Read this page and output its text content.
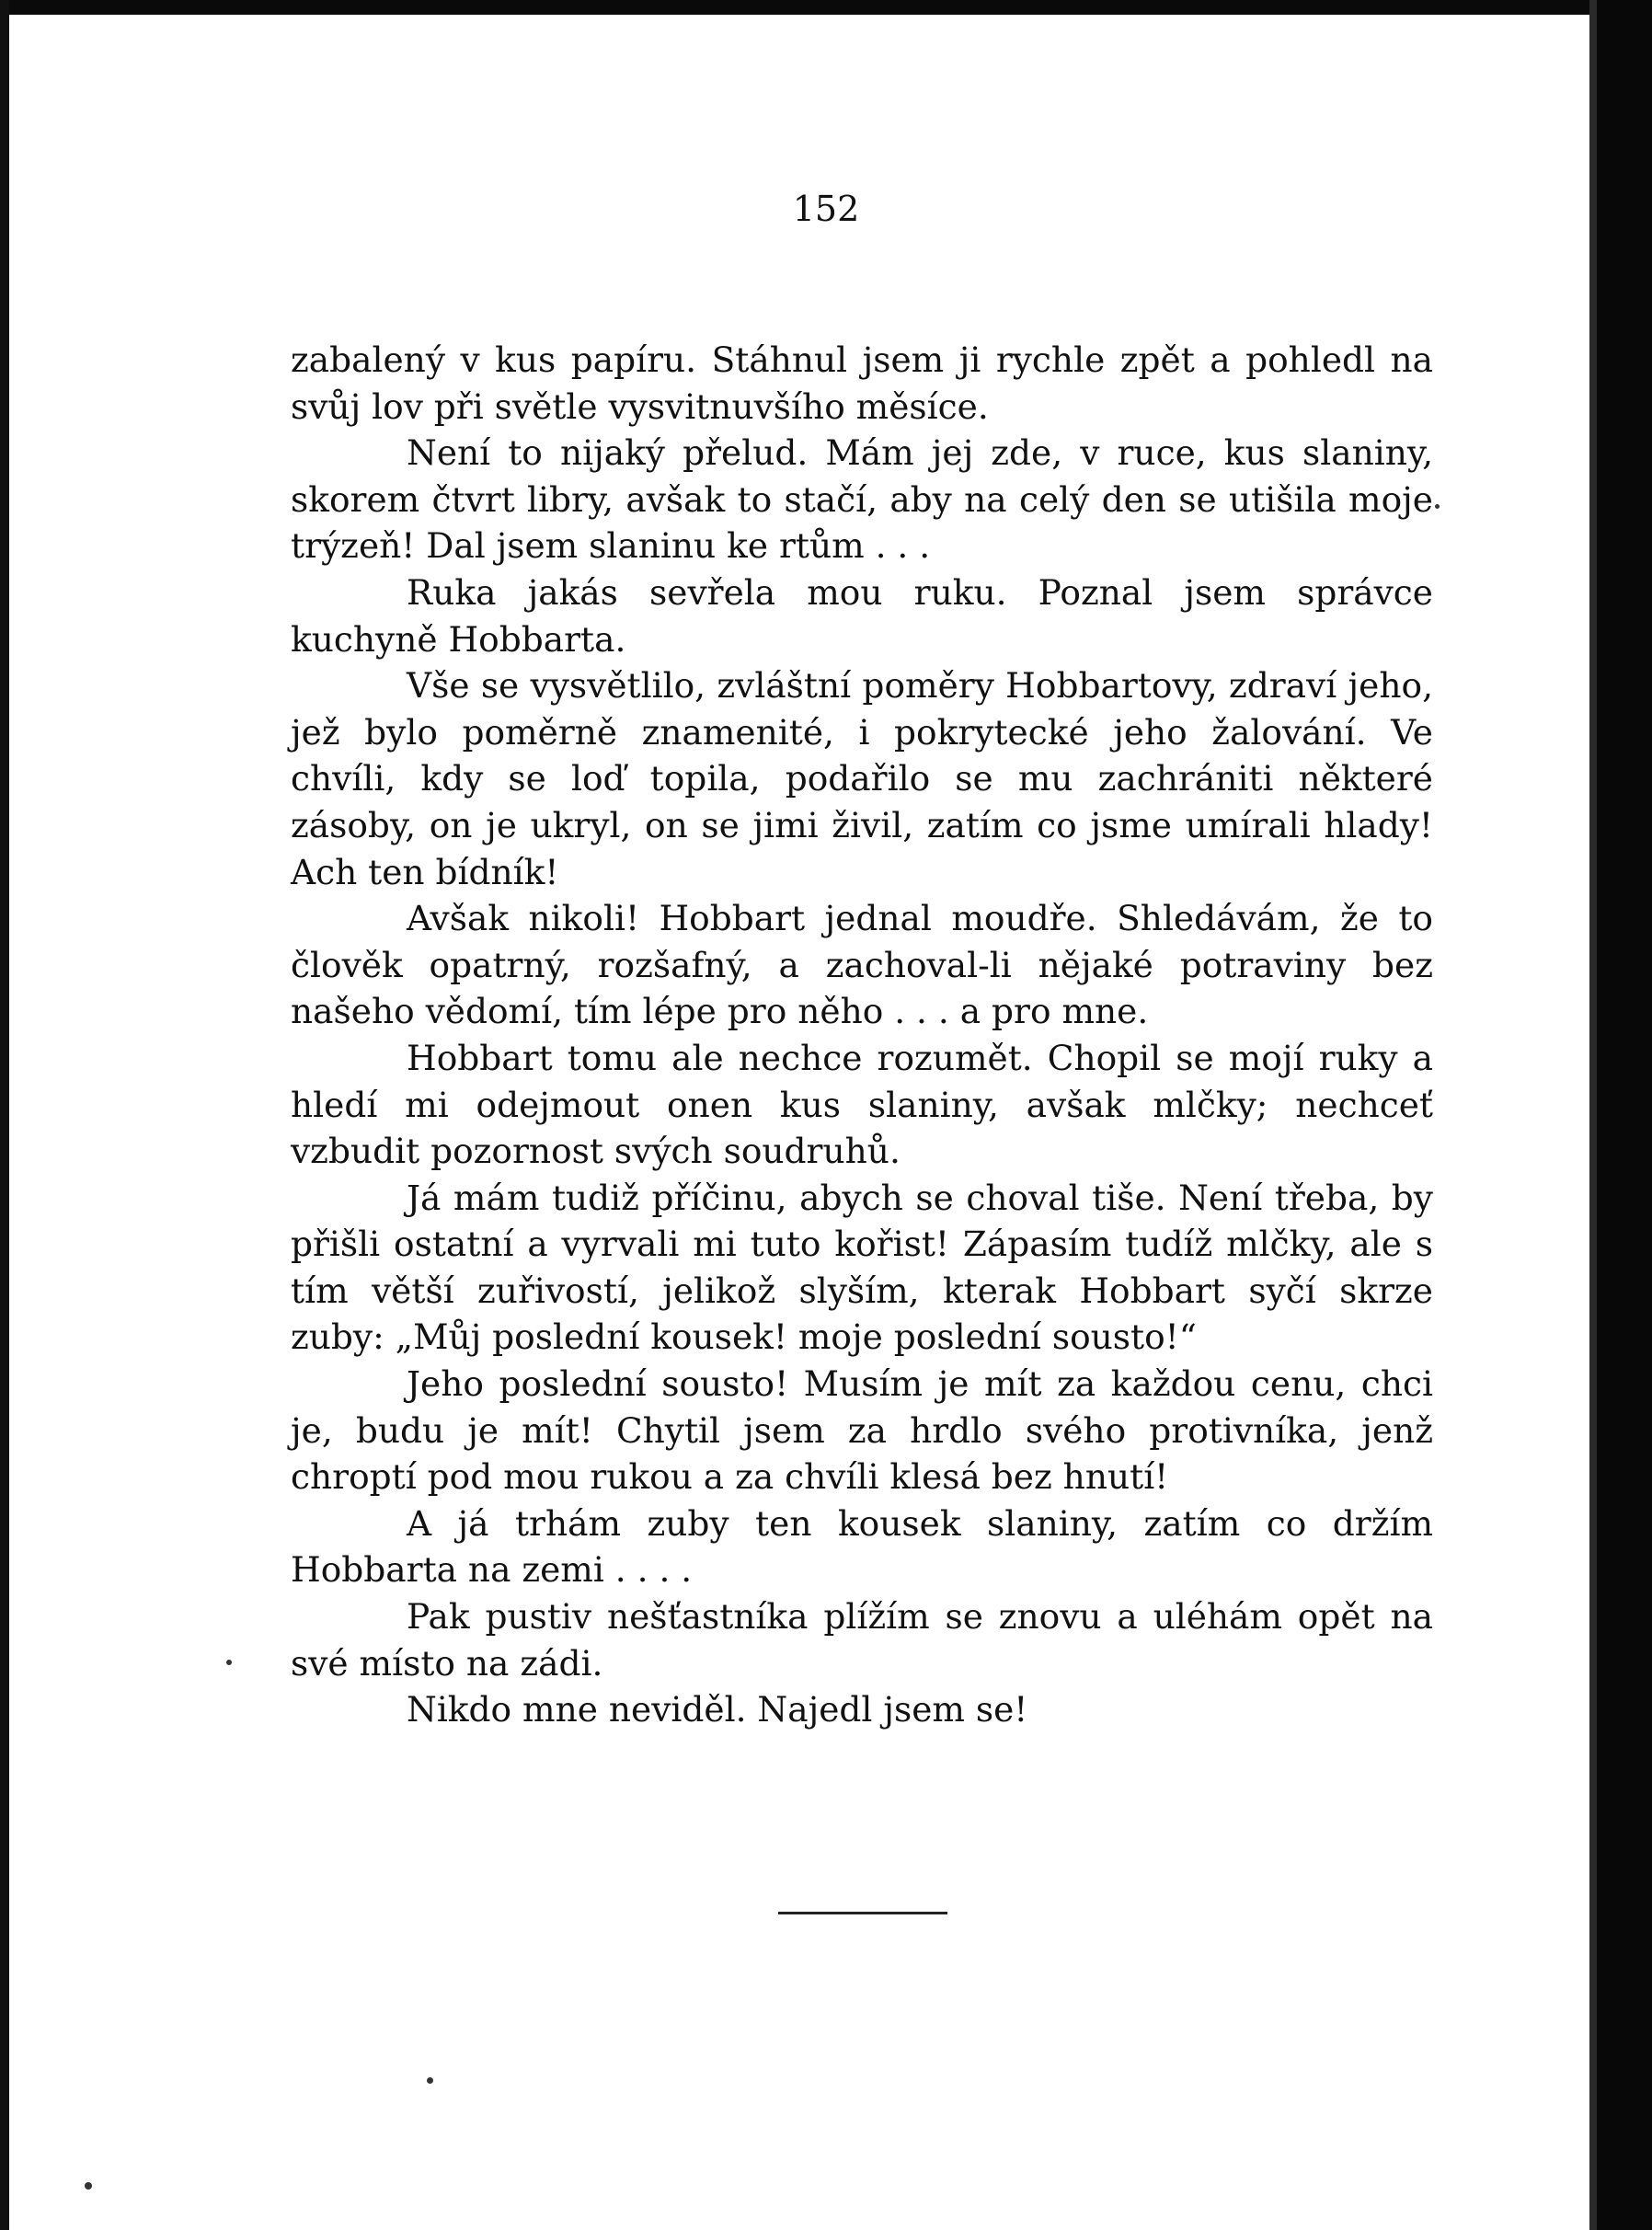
152

zabalený v kus papíru. Stáhnul jsem ji rychle zpět a pohledl na svůj lov při světle vysvitnuvšího měsíce.

Není to nijaký přelud. Mám jej zde, v ruce, kus slaniny, skorem čtvrt libry, avšak to stačí, aby na celý den se utišila moje trýzeň! Dal jsem slaninu ke rtům . . .

Ruka jakás sevřela mou ruku. Poznal jsem správce kuchyně Hobbarta.

Vše se vysvětlilo, zvláštní poměry Hobbartovy, zdraví jeho, jež bylo poměrně znamenité, i pokrytecké jeho žalování. Ve chvíli, kdy se loď topila, podařilo se mu zachrániti některé zásoby, on je ukryl, on se jimi živil, zatím co jsme umírali hlady! Ach ten bídník!

Avšak nikoli! Hobbart jednal moudře. Shledávám, že to člověk opatrný, rozšafný, a zachoval-li nějaké potraviny bez našeho vědomí, tím lépe pro něho . . . a pro mne.

Hobbart tomu ale nechce rozumět. Chopil se mojí ruky a hledí mi odejmout onen kus slaniny, avšak mlčky; nechceť vzbudit pozornost svých soudruhů.

Já mám tudiž příčinu, abych se choval tiše. Není třeba, by přišli ostatní a vyrvali mi tuto kořist! Zápasím tudíž mlčky, ale s tím větší zuřivostí, jelikož slyším, kterak Hobbart syčí skrze zuby: „Můj poslední kousek! moje poslední sousto!“

Jeho poslední sousto! Musím je mít za každou cenu, chci je, budu je mít! Chytil jsem za hrdlo svého protivníka, jenž chroptí pod mou rukou a za chvíli klesá bez hnutí!

A já trhám zuby ten kousek slaniny, zatím co držím Hobbarta na zemi . . . .

Pak pustiv nešťastníka plížím se znovu a uléhám opět na své místo na zádi.

Nikdo mne neviděl. Najedl jsem se!
